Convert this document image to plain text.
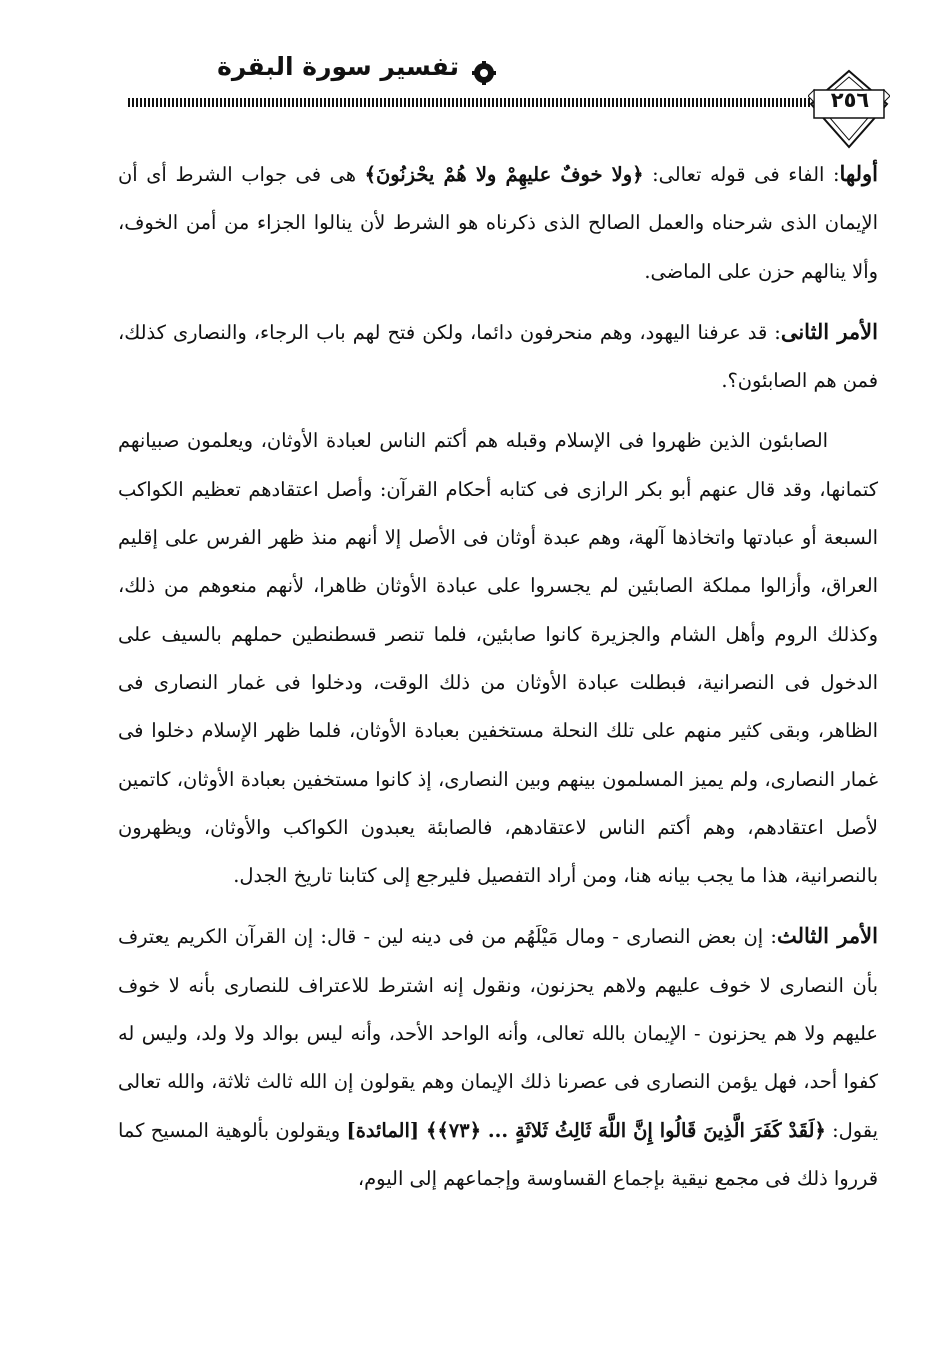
تفسير سورة البقرة
٢٥٦

أولها: الفاء فى قوله تعالى: ﴿ولا خوفٌ عليهِمْ ولا هُمْ يحْزنُونَ﴾ هى فى جواب الشرط أى أن الإيمان الذى شرحناه والعمل الصالح الذى ذكرناه هو الشرط لأن ينالوا الجزاء من أمن الخوف، وألا ينالهم حزن على الماضى.

الأمر الثانى: قد عرفنا اليهود، وهم منحرفون دائما، ولكن فتح لهم باب الرجاء، والنصارى كذلك، فمن هم الصابئون؟.

الصابئون الذين ظهروا فى الإسلام وقبله هم أكتم الناس لعبادة الأوثان، ويعلمون صبيانهم كتمانها، وقد قال عنهم أبو بكر الرازى فى كتابه أحكام القرآن: وأصل اعتقادهم تعظيم الكواكب السبعة أو عبادتها واتخاذها آلهة، وهم عبدة أوثان فى الأصل إلا أنهم منذ ظهر الفرس على إقليم العراق، وأزالوا مملكة الصابئين لم يجسروا على عبادة الأوثان ظاهرا، لأنهم منعوهم من ذلك، وكذلك الروم وأهل الشام والجزيرة كانوا صابئين، فلما تنصر قسطنطين حملهم بالسيف على الدخول فى النصرانية، فبطلت عبادة الأوثان من ذلك الوقت، ودخلوا فى غمار النصارى فى الظاهر، وبقى كثير منهم على تلك النحلة مستخفين بعبادة الأوثان، فلما ظهر الإسلام دخلوا فى غمار النصارى، ولم يميز المسلمون بينهم وبين النصارى، إذ كانوا مستخفين بعبادة الأوثان، كاتمين لأصل اعتقادهم، وهم أكتم الناس لاعتقادهم، فالصابئة يعبدون الكواكب والأوثان، ويظهرون بالنصرانية، هذا ما يجب بيانه هنا، ومن أراد التفصيل فليرجع إلى كتابنا تاريخ الجدل.

الأمر الثالث: إن بعض النصارى - ومال مَيْلَهُم من فى دينه لين - قال: إن القرآن الكريم يعترف بأن النصارى لا خوف عليهم ولاهم يحزنون، ونقول إنه اشترط للاعتراف للنصارى بأنه لا خوف عليهم ولا هم يحزنون - الإيمان بالله تعالى، وأنه الواحد الأحد، وأنه ليس بوالد ولا ولد، وليس له كفوا أحد، فهل يؤمن النصارى فى عصرنا ذلك الإيمان وهم يقولون إن الله ثالث ثلاثة، والله تعالى يقول: ﴿لَقَدْ كَفَرَ الَّذِينَ قَالُوا إِنَّ اللَّهَ ثَالِثُ ثَلاثَةٍ ... ﴿٧٣﴾﴾ [المائدة] ويقولون بألوهية المسيح كما قرروا ذلك فى مجمع نيقية بإجماع القساوسة وإجماعهم إلى اليوم،
